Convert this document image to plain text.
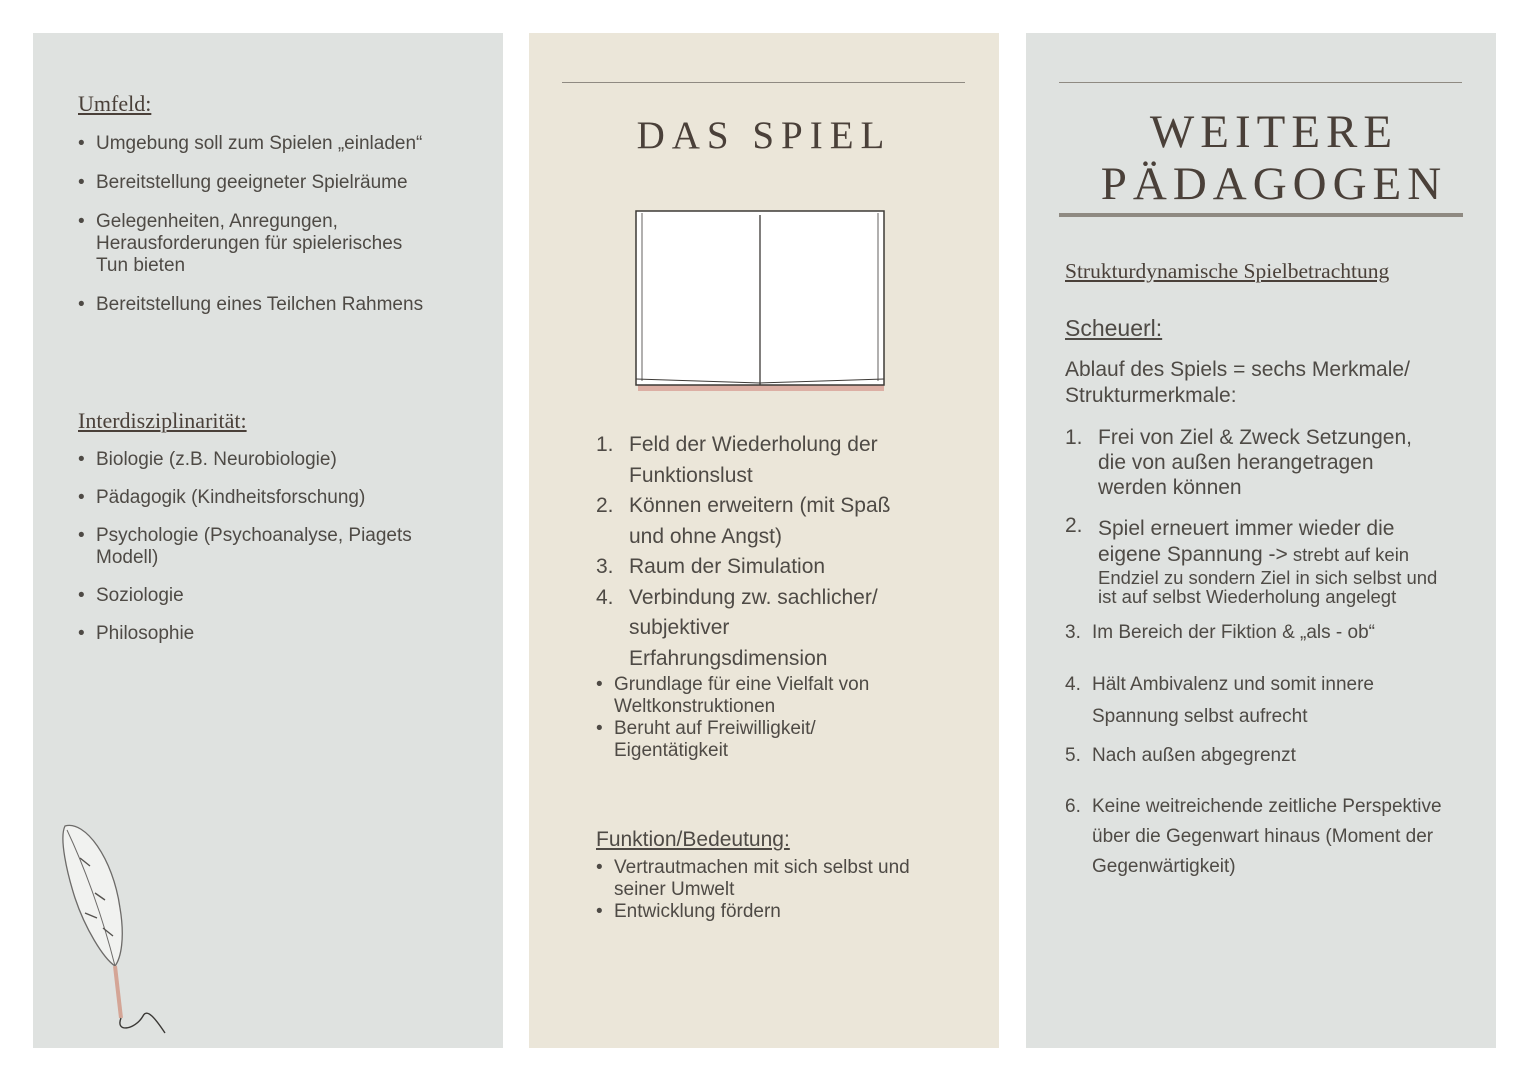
Umfeld:
• Umgebung soll zum Spielen „einladen“
• Bereitstellung geeigneter Spielräume
• Gelegenheiten, Anregungen, Herausforderungen für spielerisches Tun bieten
• Bereitstellung eines Teilchen Rahmens
Interdisziplinarität:
• Biologie (z.B. Neurobiologie)
• Pädagogik (Kindheitsforschung)
• Psychologie (Psychoanalyse, Piagets Modell)
• Soziologie
• Philosophie
DAS SPIEL
1. Feld der Wiederholung der Funktionslust
2. Können erweitern (mit Spaß und ohne Angst)
3. Raum der Simulation
4. Verbindung zw. sachlicher/ subjektiver Erfahrungsdimension
• Grundlage für eine Vielfalt von Weltkonstruktionen
• Beruht auf Freiwilligkeit/ Eigentätigkeit
Funktion/Bedeutung:
• Vertrautmachen mit sich selbst und seiner Umwelt
• Entwicklung fördern
WEITERE
PÄDAGOGEN
Strukturdynamische Spielbetrachtung
Scheuerl:
Ablauf des Spiels = sechs Merkmale/ Strukturmerkmale:
1. Frei von Ziel & Zweck Setzungen, die von außen herangetragen werden können
2. Spiel erneuert immer wieder die eigene Spannung -> strebt auf kein Endziel zu sondern Ziel in sich selbst und ist auf selbst Wiederholung angelegt
3. Im Bereich der Fiktion & „als - ob“
4. Hält Ambivalenz und somit innere Spannung selbst aufrecht
5. Nach außen abgegrenzt
6. Keine weitreichende zeitliche Perspektive über die Gegenwart hinaus (Moment der Gegenwärtigkeit)
